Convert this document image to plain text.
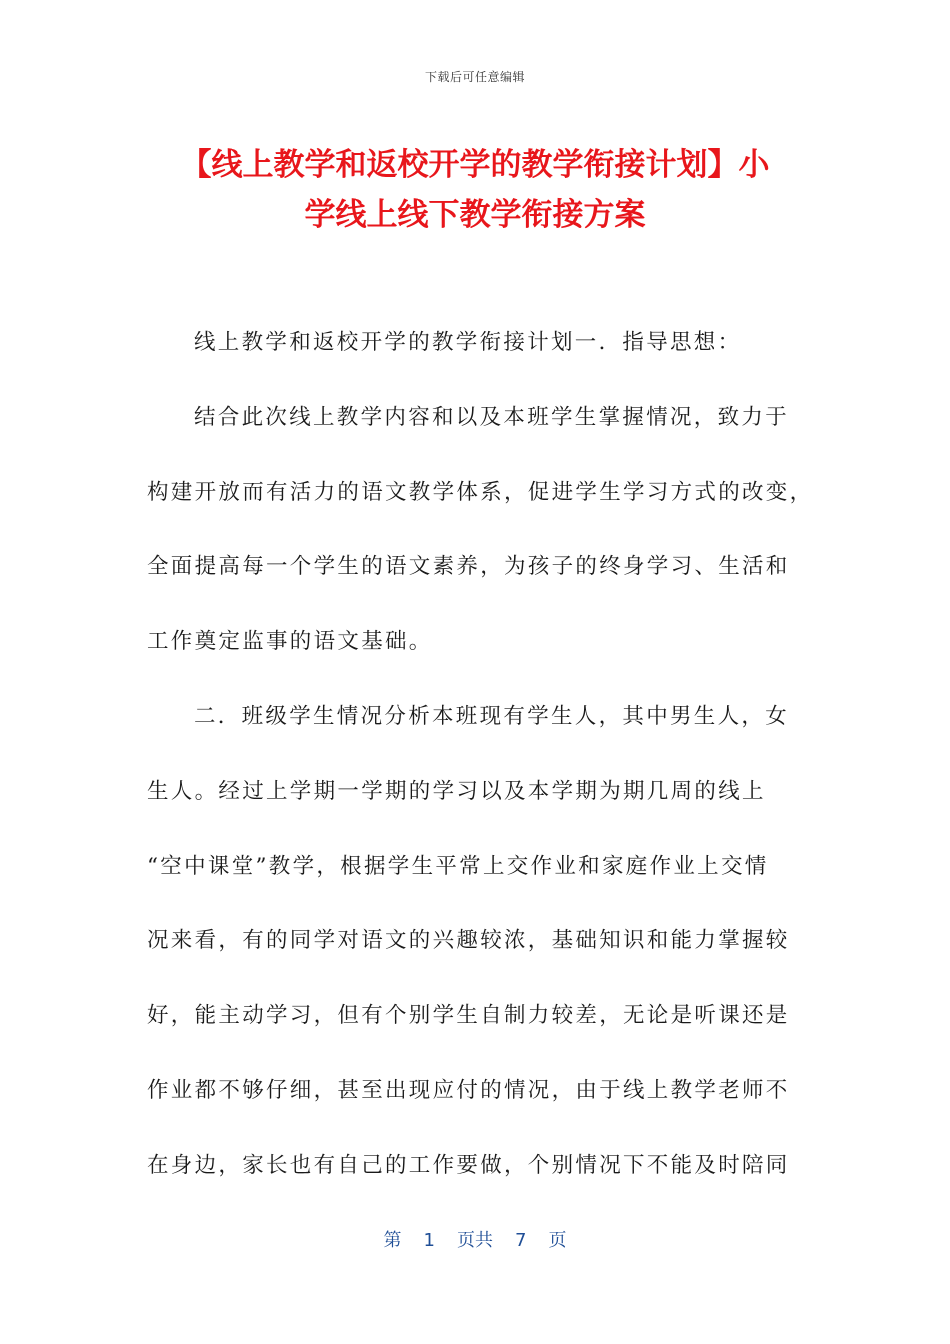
下载后可任意编辑
【线上教学和返校开学的教学衔接计划】小
学线上线下教学衔接方案
线上教学和返校开学的教学衔接计划一．指导思想：
结合此次线上教学内容和以及本班学生掌握情况，致力于
构建开放而有活力的语文教学体系，促进学生学习方式的改变，
全面提高每一个学生的语文素养，为孩子的终身学习、生活和
工作奠定监事的语文基础。
二．班级学生情况分析本班现有学生人，其中男生人，女
生人。经过上学期一学期的学习以及本学期为期几周的线上
“空中课堂”教学，根据学生平常上交作业和家庭作业上交情
况来看，有的同学对语文的兴趣较浓，基础知识和能力掌握较
好，能主动学习，但有个别学生自制力较差，无论是听课还是
作业都不够仔细，甚至出现应付的情况，由于线上教学老师不
在身边，家长也有自己的工作要做，个别情况下不能及时陪同
第 1 页共 7 页
